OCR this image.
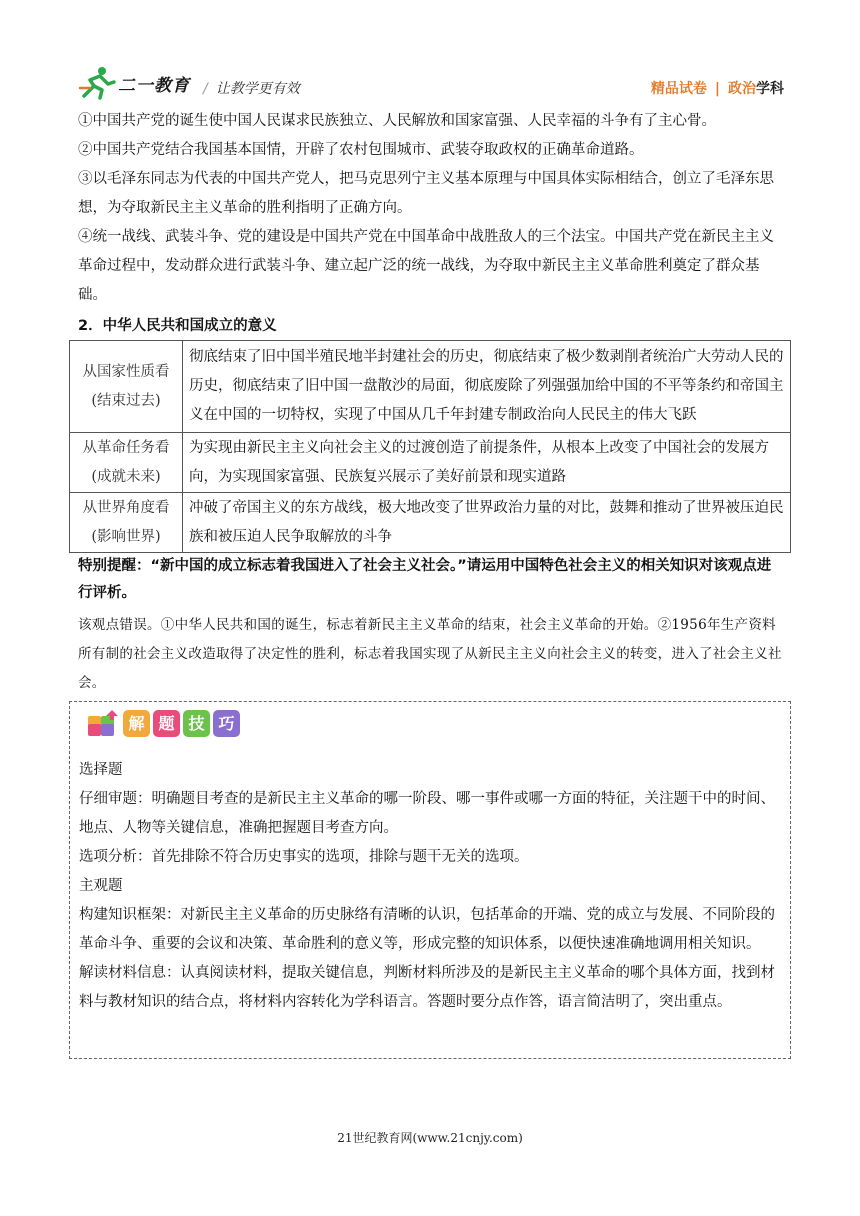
二一教育 / 让教学更有效	精品试卷 | 政治学科

①中国共产党的诞生使中国人民谋求民族独立、人民解放和国家富强、人民幸福的斗争有了主心骨。

②中国共产党结合我国基本国情，开辟了农村包围城市、武装夺取政权的正确革命道路。

③以毛泽东同志为代表的中国共产党人，把马克思列宁主义基本原理与中国具体实际相结合，创立了毛泽东思想，为夺取新民主主义革命的胜利指明了正确方向。

④统一战线、武装斗争、党的建设是中国共产党在中国革命中战胜敌人的三个法宝。中国共产党在新民主主义革命过程中，发动群众进行武装斗争、建立起广泛的统一战线，为夺取中新民主主义革命胜利奠定了群众基础。

2．中华人民共和国成立的意义
从国家性质看
(结束过去)	彻底结束了旧中国半殖民地半封建社会的历史，彻底结束了极少数剥削者统治广大劳动人民的历史，彻底结束了旧中国一盘散沙的局面，彻底废除了列强强加给中国的不平等条约和帝国主义在中国的一切特权，实现了中国从几千年封建专制政治向人民民主的伟大飞跃

从革命任务看
(成就未来)	为实现由新民主主义向社会主义的过渡创造了前提条件，从根本上改变了中国社会的发展方向，为实现国家富强、民族复兴展示了美好前景和现实道路

从世界角度看
(影响世界)	冲破了帝国主义的东方战线，极大地改变了世界政治力量的对比，鼓舞和推动了世界被压迫民族和被压迫人民争取解放的斗争
特别提醒：“新中国的成立标志着我国进入了社会主义社会。”请运用中国特色社会主义的相关知识对该观点进行评析。
该观点错误。①中华人民共和国的诞生，标志着新民主主义革命的结束，社会主义革命的开始。②1956年生产资料所有制的社会主义改造取得了决定性的胜利，标志着我国实现了从新民主主义向社会主义的转变，进入了社会主义社会。
解 题 技 巧

选择题

仔细审题：明确题目考查的是新民主主义革命的哪一阶段、哪一事件或哪一方面的特征，关注题干中的时间、地点、人物等关键信息，准确把握题目考查方向。

选项分析：首先排除不符合历史事实的选项，排除与题干无关的选项。

主观题

构建知识框架：对新民主主义革命的历史脉络有清晰的认识，包括革命的开端、党的成立与发展、不同阶段的革命斗争、重要的会议和决策、革命胜利的意义等，形成完整的知识体系，以便快速准确地调用相关知识。

解读材料信息：认真阅读材料，提取关键信息，判断材料所涉及的是新民主主义革命的哪个具体方面，找到材料与教材知识的结合点，将材料内容转化为学科语言。答题时要分点作答，语言简洁明了，突出重点。

21世纪教育网(www.21cnjy.com)
